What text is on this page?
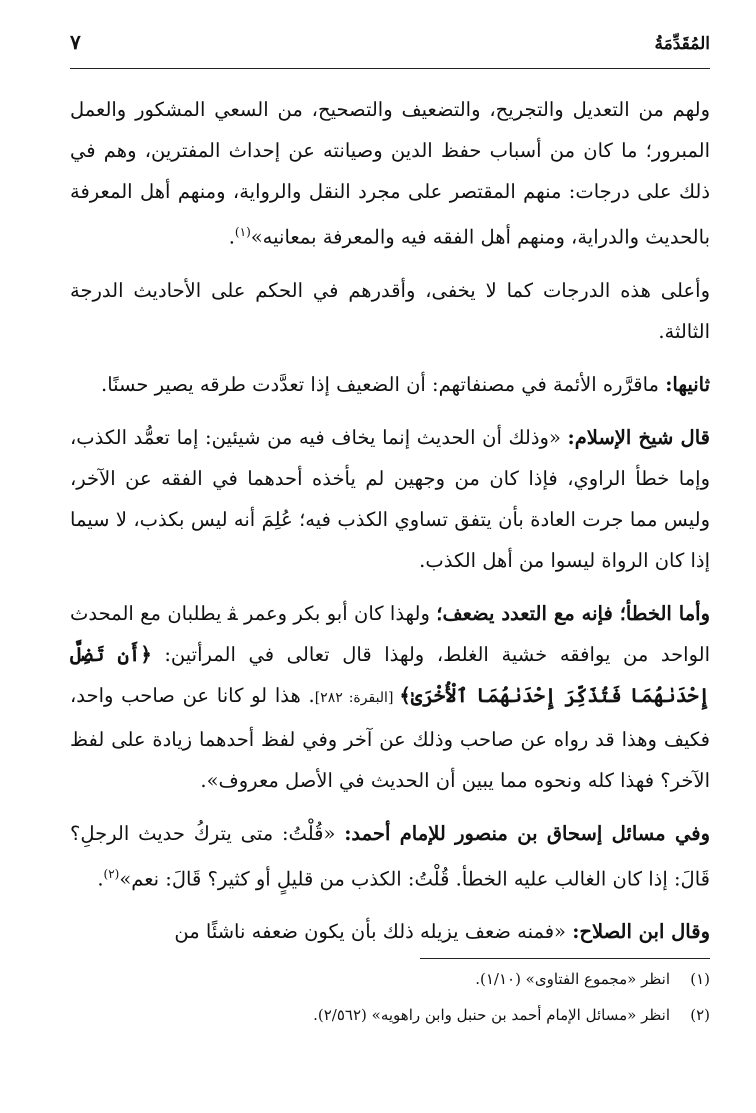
المُقَدِّمَةُ
٧

ولهم من التعديل والتجريح، والتضعيف والتصحيح، من السعي المشكور والعمل المبرور؛ ما كان من أسباب حفظ الدين وصيانته عن إحداث المفترين، وهم في ذلك على درجات: منهم المقتصر على مجرد النقل والرواية، ومنهم أهل المعرفة بالحديث والدراية، ومنهم أهل الفقه فيه والمعرفة بمعانيه»$^{(١)}$.

وأعلى هذه الدرجات كما لا يخفى، وأقدرهم في الحكم على الأحاديث الدرجة الثالثة.

ثانيها: ماقرَّره الأئمة في مصنفاتهم: أن الضعيف إذا تعدَّدت طرقه يصير حسنًا.

قال شيخ الإسلام: «وذلك أن الحديث إنما يخاف فيه من شيئين: إما تعمُّد الكذب، وإما خطأ الراوي، فإذا كان من وجهين لم يأخذه أحدهما في الفقه عن الآخر، وليس مما جرت العادة بأن يتفق تساوي الكذب فيه؛ عُلِمَ أنه ليس بكذب، لا سيما إذا كان الرواة ليسوا من أهل الكذب.

وأما الخطأ؛ فإنه مع التعدد يضعف؛ ولهذا كان أبو بكر وعمر ﭭ يطلبان مع المحدث الواحد من يوافقه خشية الغلط، ولهذا قال تعالى في المرأتين: ﴿أَن تَضِلَّ إِحْدَىٰهُمَا فَتُذَكِّرَ إِحْدَىٰهُمَا ٱلْأُخْرَىٰ﴾ [البقرة: ٢٨٢]. هذا لو كانا عن صاحب واحد، فكيف وهذا قد رواه عن صاحب وذلك عن آخر وفي لفظ أحدهما زيادة على لفظ الآخر؟ فهذا كله ونحوه مما يبين أن الحديث في الأصل معروف».

وفي مسائل إسحاق بن منصور للإمام أحمد: «قُلْتُ: متى يتركُ حديث الرجلِ؟ قَالَ: إذا كان الغالب عليه الخطأ. قُلْتُ: الكذب من قليلٍ أو كثير؟ قَالَ: نعم»$^{(٢)}$.

وقال ابن الصلاح: «فمنه ضعف يزيله ذلك بأن يكون ضعفه ناشئًا من

(١)انظر «مجموع الفتاوى» (١/١٠).
(٢)انظر «مسائل الإمام أحمد بن حنبل وابن راهويه» (٢/٥٦٢).
